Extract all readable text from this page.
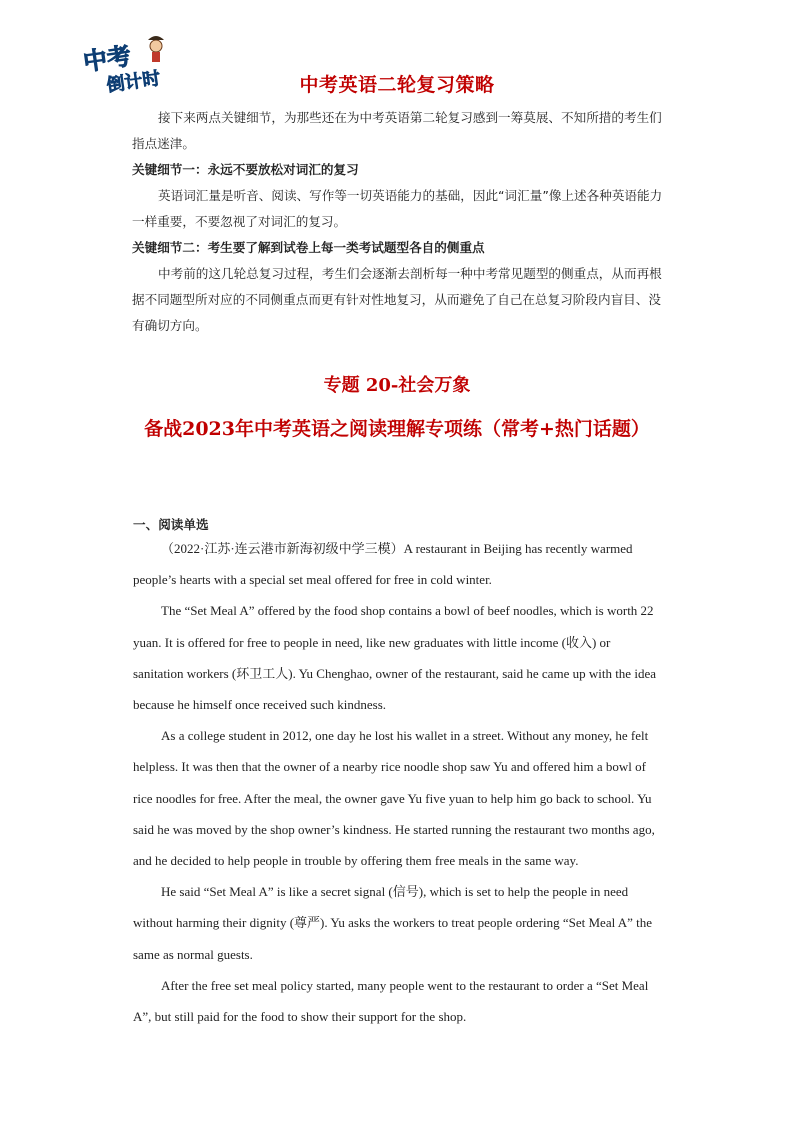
中考
倒计时	中考英语二轮复习策略

接下来两点关键细节，为那些还在为中考英语第二轮复习感到一筹莫展、不知所措的考生们指点迷津。

关键细节一：永远不要放松对词汇的复习

英语词汇量是听音、阅读、写作等一切英语能力的基础，因此“词汇量”像上述各种英语能力一样重要，不要忽视了对词汇的复习。

关键细节二：考生要了解到试卷上每一类考试题型各自的侧重点

中考前的这几轮总复习过程，考生们会逐渐去剖析每一种中考常见题型的侧重点，从而再根据不同题型所对应的不同侧重点而更有针对性地复习，从而避免了自己在总复习阶段内盲目、没有确切方向。

专题 20-社会万象
备战2023年中考英语之阅读理解专项练（常考+热门话题）
一、阅读单选

（2022·江苏·连云港市新海初级中学三模）A restaurant in Beijing has recently warmed people’s hearts with a special set meal offered for free in cold winter.

The “Set Meal A” offered by the food shop contains a bowl of beef noodles, which is worth 22 yuan. It is offered for free to people in need, like new graduates with little income (收入) or sanitation workers (环卫工人). Yu Chenghao, owner of the restaurant, said he came up with the idea because he himself once received such kindness.

As a college student in 2012, one day he lost his wallet in a street. Without any money, he felt helpless. It was then that the owner of a nearby rice noodle shop saw Yu and offered him a bowl of rice noodles for free. After the meal, the owner gave Yu five yuan to help him go back to school. Yu said he was moved by the shop owner’s kindness. He started running the restaurant two months ago, and he decided to help people in trouble by offering them free meals in the same way.

He said “Set Meal A” is like a secret signal (信号), which is set to help the people in need without harming their dignity (尊严). Yu asks the workers to treat people ordering “Set Meal A” the same as normal guests.

After the free set meal policy started, many people went to the restaurant to order a “Set Meal A”, but still paid for the food to show their support for the shop.
